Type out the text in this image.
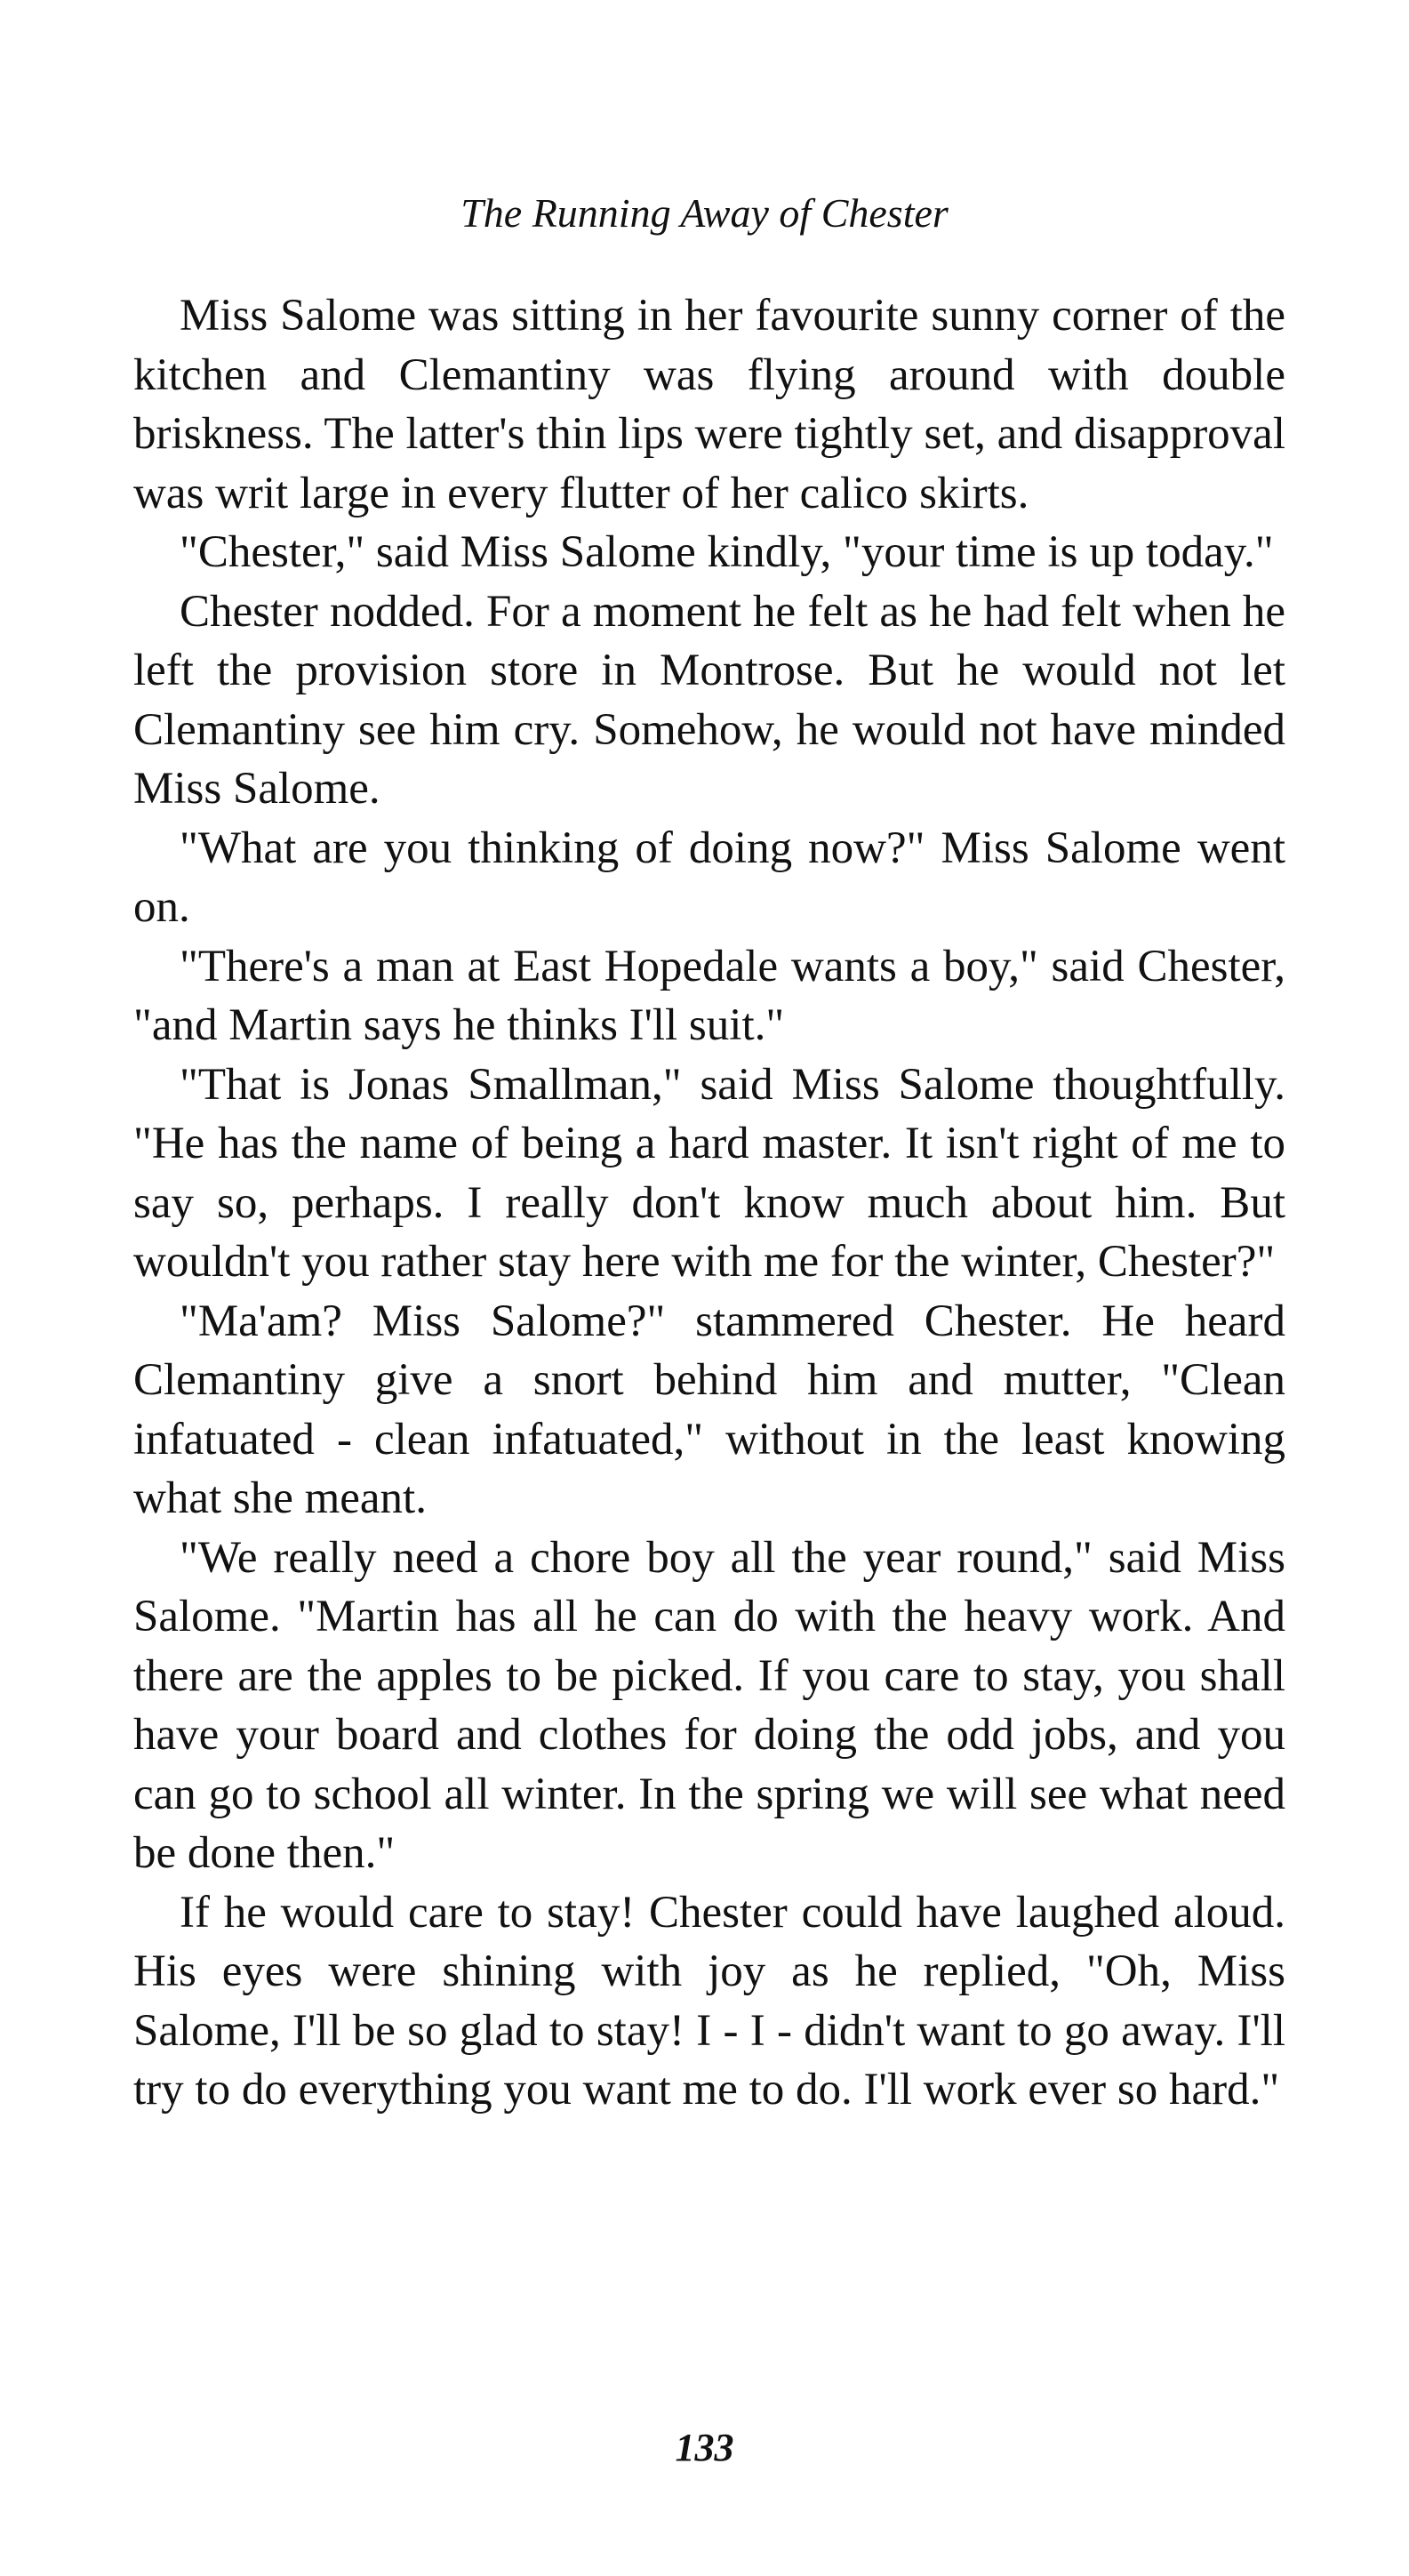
The Running Away of Chester

Miss Salome was sitting in her favourite sunny corner of the kitchen and Clemantiny was flying around with double briskness. The latter's thin lips were tightly set, and disapproval was writ large in every flutter of her calico skirts.

"Chester," said Miss Salome kindly, "your time is up today."

Chester nodded. For a moment he felt as he had felt when he left the provision store in Montrose. But he would not let Clemantiny see him cry. Somehow, he would not have minded Miss Salome.

"What are you thinking of doing now?" Miss Salome went on.

"There's a man at East Hopedale wants a boy," said Chester, "and Martin says he thinks I'll suit."

"That is Jonas Smallman," said Miss Salome thoughtfully. "He has the name of being a hard master. It isn't right of me to say so, perhaps. I really don't know much about him. But wouldn't you rather stay here with me for the winter, Chester?"

"Ma'am? Miss Salome?" stammered Chester. He heard Clemantiny give a snort behind him and mutter, "Clean infatuated - clean infatuated," without in the least knowing what she meant.

"We really need a chore boy all the year round," said Miss Salome. "Martin has all he can do with the heavy work. And there are the apples to be picked. If you care to stay, you shall have your board and clothes for doing the odd jobs, and you can go to school all winter. In the spring we will see what need be done then."

If he would care to stay! Chester could have laughed aloud. His eyes were shining with joy as he replied, "Oh, Miss Salome, I'll be so glad to stay! I - I - didn't want to go away. I'll try to do everything you want me to do. I'll work ever so hard."

133
